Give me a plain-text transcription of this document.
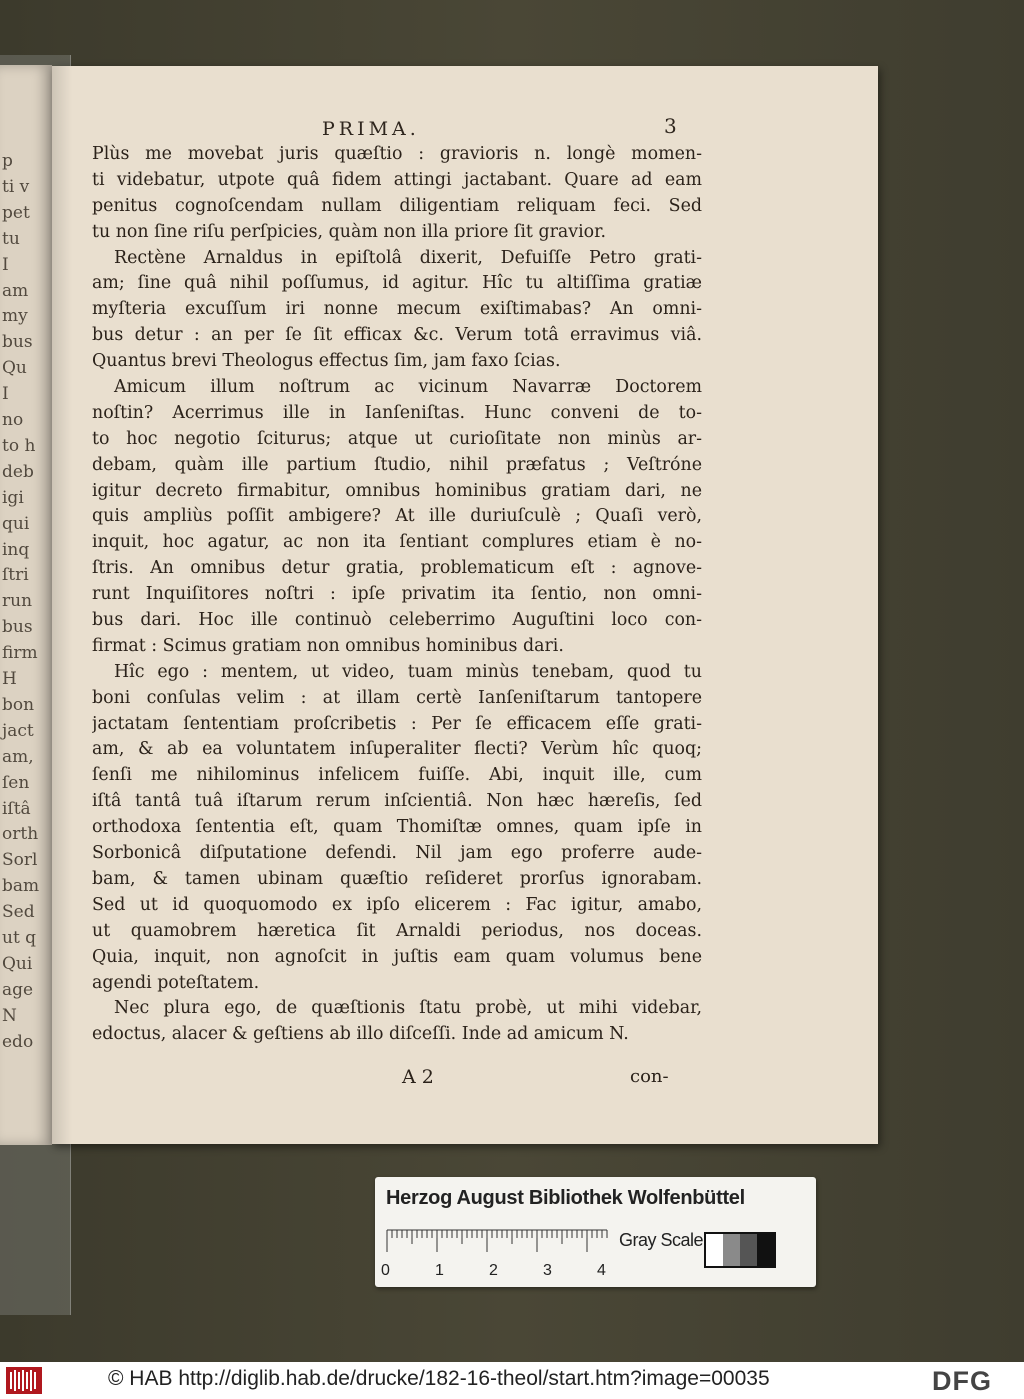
p
ti v
pet
tu
I
am
my
bus
Qu
I
no
to h
deb
igi
qui
inq
ſtri
run
bus
firm
H
bon
jact
am,
ſen
iſtâ
orth
Sorl
bam
Sed
ut q
Qui
age
N
edo
PRIMA.	3
Plùs me movebat juris quæſtio : gravioris n. longè momen-
ti videbatur, utpote quâ fidem attingi jactabant. Quare ad eam
penitus cognoſcendam nullam diligentiam reliquam feci. Sed
tu non ſine riſu perſpicies, quàm non illa priore ſit gravior.
Rectène Arnaldus in epiſtolâ dixerit, Defuiſſe Petro grati-
am; ſine quâ nihil poſſumus, id agitur. Hîc tu altiſſima gratiæ
myſteria excuſſum iri nonne mecum exiſtimabas? An omni-
bus detur : an per ſe ſit efficax &c. Verum totâ erravimus viâ.
Quantus brevi Theologus effectus ſim, jam faxo ſcias.
Amicum illum noſtrum ac vicinum Navarræ Doctorem
noſtin? Acerrimus ille in Ianſeniſtas. Hunc conveni de to-
to hoc negotio ſciturus; atque ut curioſitate non minùs ar-
debam, quàm ille partium ſtudio, nihil præfatus ; Veſtróne
igitur decreto firmabitur, omnibus hominibus gratiam dari, ne
quis ampliùs poſſit ambigere? At ille duriuſculè ; Quaſi verò,
inquit, hoc agatur, ac non ita ſentiant complures etiam è no-
ſtris. An omnibus detur gratia, problematicum eſt : agnove-
runt Inquiſitores noſtri : ipſe privatim ita ſentio, non omni-
bus dari. Hoc ille continuò celeberrimo Auguſtini loco con-
firmat : Scimus gratiam non omnibus hominibus dari.
Hîc ego : mentem, ut video, tuam minùs tenebam, quod tu
boni conſulas velim : at illam certè Ianſeniſtarum tantopere
jactatam ſententiam proſcribetis : Per ſe efficacem eſſe grati-
am, & ab ea voluntatem inſuperaliter flecti? Verùm hîc quoq;
ſenſi me nihilominus infelicem fuiſſe. Abi, inquit ille, cum
iſtâ tantâ tuâ iſtarum rerum inſcientiâ. Non hæc hæreſis, ſed
orthodoxa ſententia eſt, quam Thomiſtæ omnes, quam ipſe in
Sorbonicâ diſputatione defendi. Nil jam ego proferre aude-
bam, & tamen ubinam quæſtio reſideret prorſus ignorabam.
Sed ut id quoquomodo ex ipſo elicerem : Fac igitur, amabo,
ut quamobrem hæretica ſit Arnaldi periodus, nos doceas.
Quia, inquit, non agnoſcit in juſtis eam quam volumus bene
agendi poteſtatem.
Nec plura ego, de quæſtionis ſtatu probè, ut mihi videbar,
edoctus, alacer & geſtiens ab illo diſceſſi. Inde ad amicum N.
A 2	con-
Herzog August Bibliothek Wolfenbüttel
0	1	2	3	4
Gray Scale
© HAB http://diglib.hab.de/drucke/182-16-theol/start.htm?image=00035	DFG
